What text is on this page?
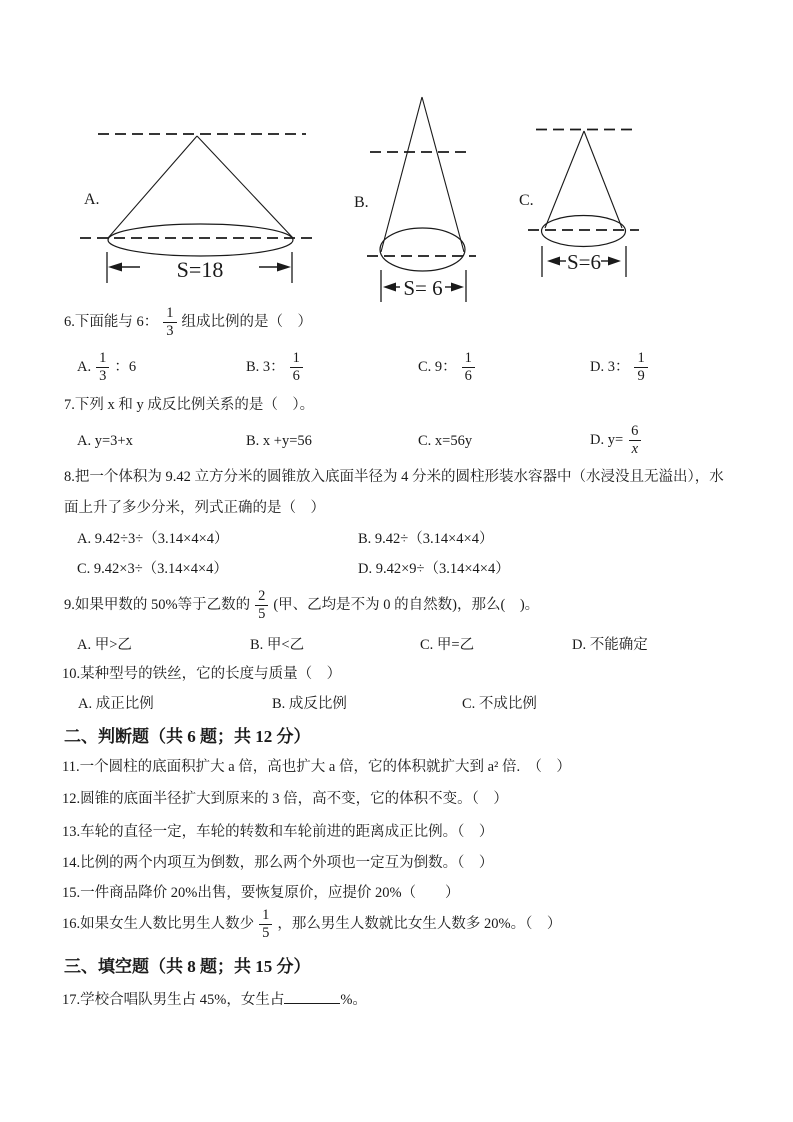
A.
S=18
B.
S= 6
C.
S=6
6.下面能与 6： $\frac{1}{3}$ 组成比例的是（　）
A. $\frac{1}{3}$ ：6	B. 3： $\frac{1}{6}$	C. 9： $\frac{1}{6}$	D. 3： $\frac{1}{9}$
7.下列 x 和 y 成反比例关系的是（　）。
A. y=3+x	B. x +y=56	C. x=56y	D. $y= \frac{6}{x}$
8.把一个体积为 9.42 立方分米的圆锥放入底面半径为 4 分米的圆柱形装水容器中（水浸没且无溢出），水
面上升了多少分米，列式正确的是（　）
A. 9.42÷3÷（3.14×4×4）	B. 9.42÷（3.14×4×4）
C. 9.42×3÷（3.14×4×4）	D. 9.42×9÷（3.14×4×4）
9.如果甲数的 50%等于乙数的 $\frac{2}{5}$ (甲、乙均是不为 0 的自然数)，那么(　)。
A. 甲>乙	B. 甲<乙	C. 甲=乙	D. 不能确定
10.某种型号的铁丝，它的长度与质量（　）
A. 成正比例	B. 成反比例	C. 不成比例
二、判断题（共 6 题；共 12 分）
11.一个圆柱的底面积扩大 a 倍，高也扩大 a 倍，它的体积就扩大到 a² 倍.　（　）
12.圆锥的底面半径扩大到原来的 3 倍，高不变，它的体积不变。（　）
13.车轮的直径一定，车轮的转数和车轮前进的距离成正比例。（　）
14.比例的两个内项互为倒数，那么两个外项也一定互为倒数。（　）
15.一件商品降价 20%出售，要恢复原价，应提价 20%（　　）
16.如果女生人数比男生人数少 $\frac{1}{5}$ ，那么男生人数就比女生人数多 20%。（　）
三、填空题（共 8 题；共 15 分）
17.学校合唱队男生占 45%，女生占	%。
